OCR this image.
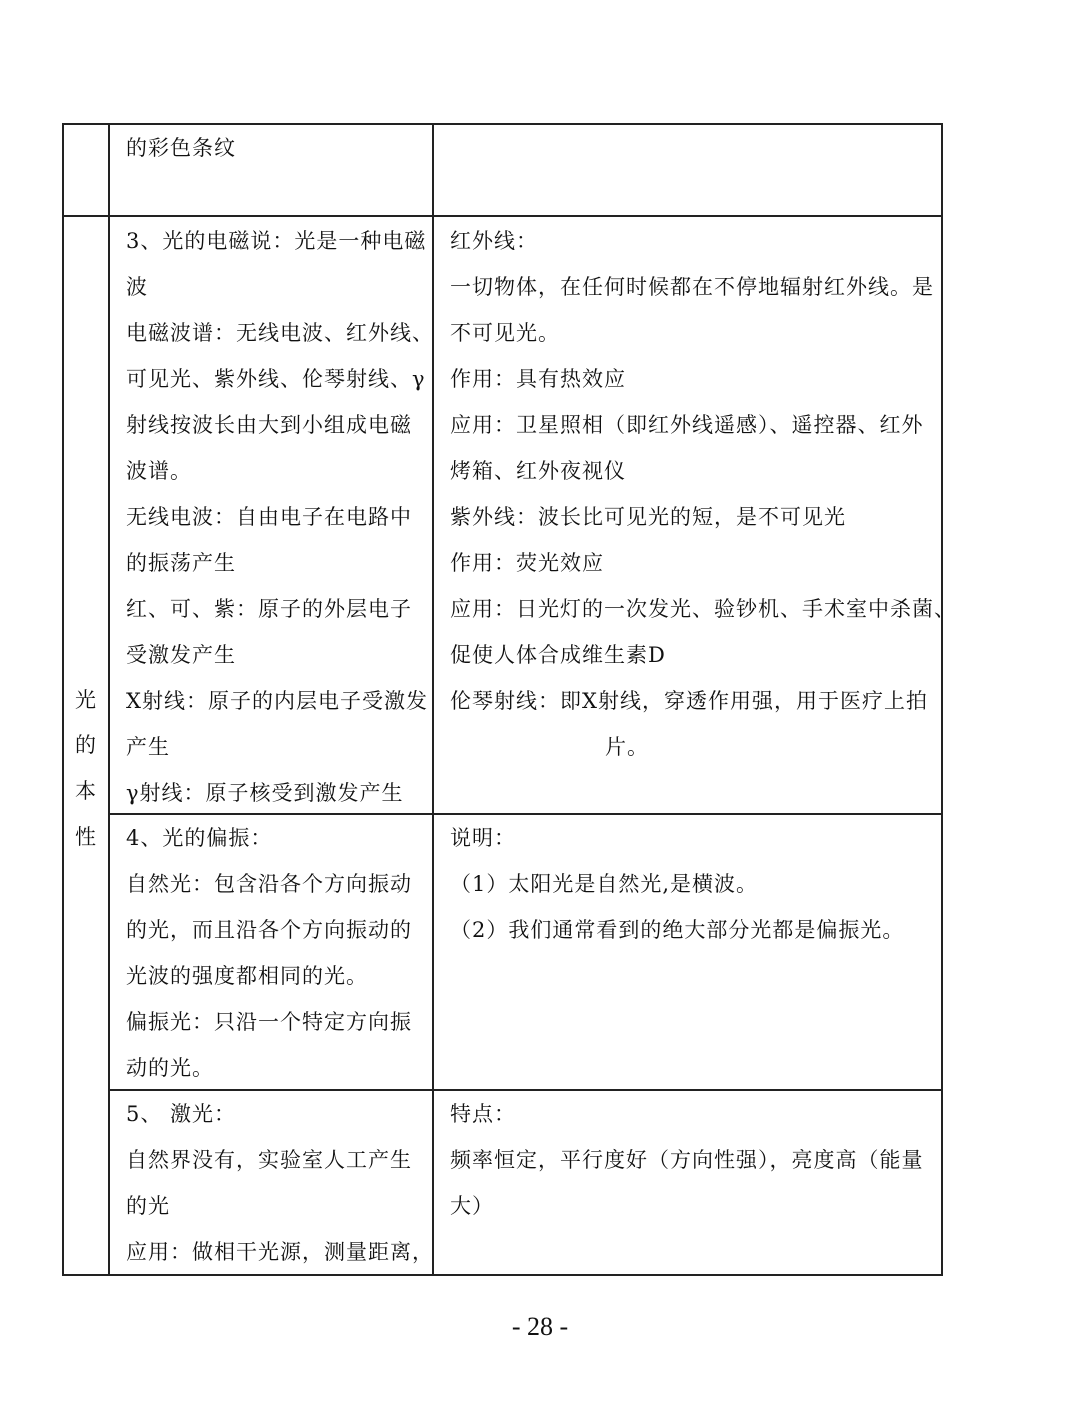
光
的
本
性
的彩色条纹
3、光的电磁说：光是一种电磁
波
电磁波谱：无线电波、红外线、
可见光、紫外线、伦琴射线、γ
射线按波长由大到小组成电磁
波谱。
无线电波：自由电子在电路中
的振荡产生
红、可、紫：原子的外层电子
受激发产生
X射线：原子的内层电子受激发
产生
γ射线：原子核受到激发产生
红外线：
一切物体，在任何时候都在不停地辐射红外线。是
不可见光。
作用：具有热效应
应用：卫星照相（即红外线遥感）、遥控器、红外
烤箱、红外夜视仪
紫外线：波长比可见光的短，是不可见光
作用：荧光效应
应用：日光灯的一次发光、验钞机、手术室中杀菌、
促使人体合成维生素D
伦琴射线：即X射线，穿透作用强，用于医疗上拍
片。
4、光的偏振：
自然光：包含沿各个方向振动
的光，而且沿各个方向振动的
光波的强度都相同的光。
偏振光：只沿一个特定方向振
动的光。
说明：
（1）太阳光是自然光,是横波。
（2）我们通常看到的绝大部分光都是偏振光。
5、 激光：
自然界没有，实验室人工产生
的光
应用：做相干光源，测量距离，
特点：
频率恒定，平行度好（方向性强），亮度高（能量
大）
- 28 -
